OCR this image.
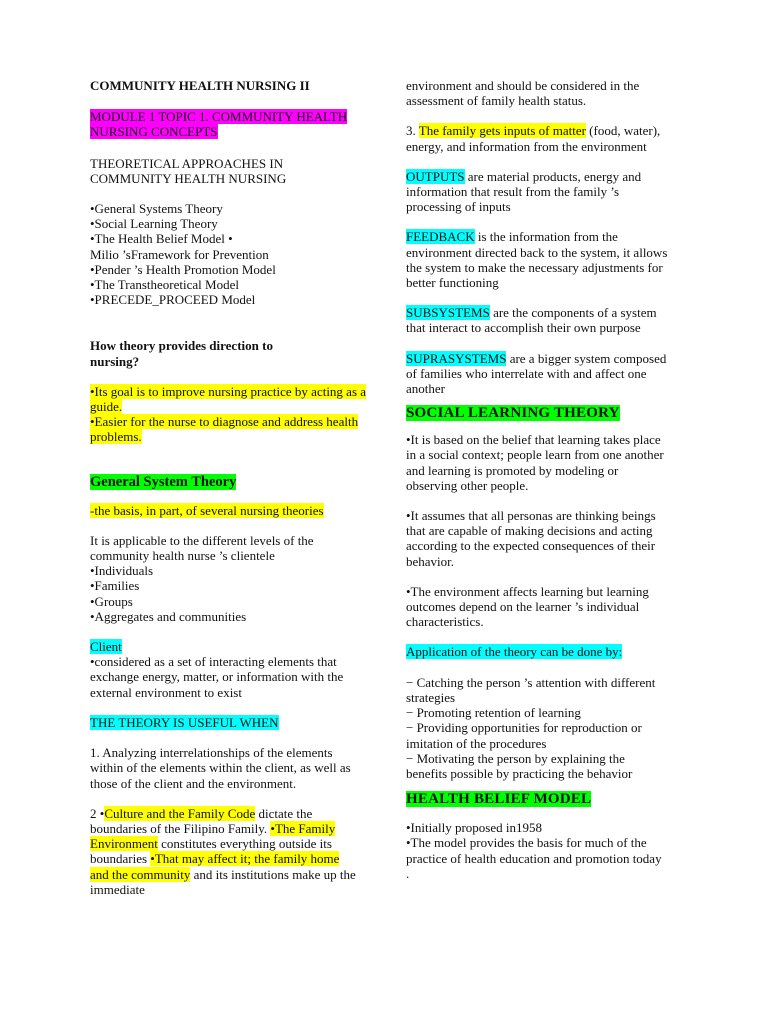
COMMUNITY HEALTH NURSING II

MODULE 1 TOPIC 1. COMMUNITY HEALTH NURSING CONCEPTS

THEORETICAL APPROACHES IN COMMUNITY HEALTH NURSING

•General Systems Theory
•Social Learning Theory
•The Health Belief Model •
Milio ’sFramework for Prevention
•Pender ’s Health Promotion Model
•The Transtheoretical Model
•PRECEDE_PROCEED Model

How theory provides direction to nursing?

•Its goal is to improve nursing practice by acting as a guide.

•Easier for the nurse to diagnose and address health problems.

General System Theory

-the basis, in part, of several nursing theories

It is applicable to the different levels of the community health nurse ’s clientele

•Individuals
•Families
•Groups
•Aggregates and communities

Client

•considered as a set of interacting elements that exchange energy, matter, or information with the external environment to exist

THE THEORY IS USEFUL WHEN

1. Analyzing interrelationships of the elements within of the elements within the client, as well as those of the client and the environment.

2 •Culture and the Family Code dictate the boundaries of the Filipino Family. •The Family Environment constitutes everything outside its boundaries •That may affect it; the family home and the community and its institutions make up the immediate

environment and should be considered in the assessment of family health status.

3. The family gets inputs of matter (food, water), energy, and information from the environment

OUTPUTS are material products, energy and information that result from the family ’s processing of inputs

FEEDBACK is the information from the environment directed back to the system, it allows the system to make the necessary adjustments for better functioning

SUBSYSTEMS are the components of a system that interact to accomplish their own purpose

SUPRASYSTEMS are a bigger system composed of families who interrelate with and affect one another

SOCIAL LEARNING THEORY

•It is based on the belief that learning takes place in a social context; people learn from one another and learning is promoted by modeling or observing other people.

•It assumes that all personas are thinking beings that are capable of making decisions and acting according to the expected consequences of their behavior.

•The environment affects learning but learning outcomes depend on the learner ’s individual characteristics.

Application of the theory can be done by:

− Catching the person ’s attention with different strategies
− Promoting retention of learning
− Providing opportunities for reproduction or imitation of the procedures
− Motivating the person by explaining the benefits possible by practicing the behavior

HEALTH BELIEF MODEL

•Initially proposed in1958

•The model provides the basis for much of the practice of health education and promotion today .
